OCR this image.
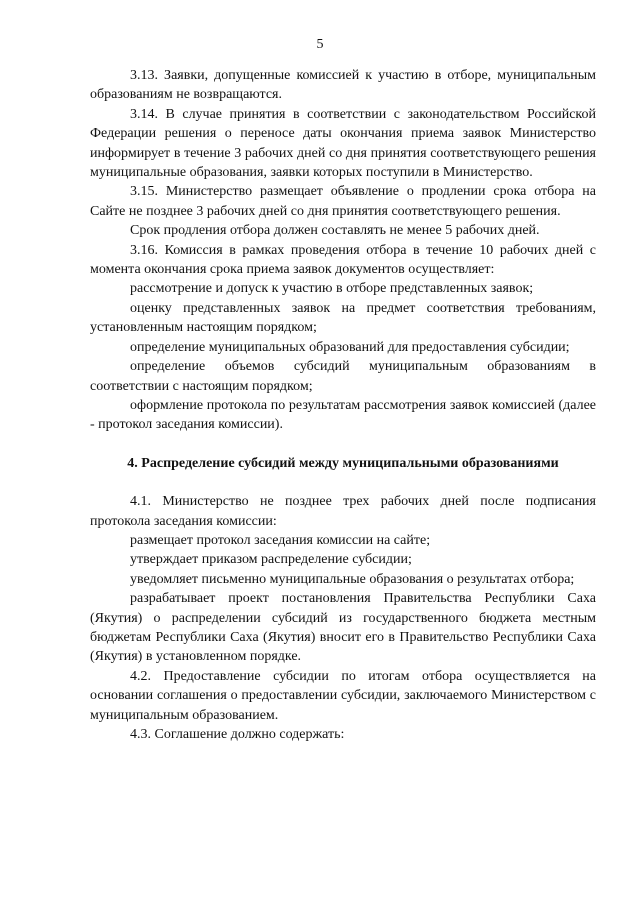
5

3.13. Заявки, допущенные комиссией к участию в отборе, муниципальным образованиям не возвращаются.

3.14. В случае принятия в соответствии с законодательством Российской Федерации решения о переносе даты окончания приема заявок Министерство информирует в течение 3 рабочих дней со дня принятия соответствующего решения муниципальные образования, заявки которых поступили в Министерство.

3.15. Министерство размещает объявление о продлении срока отбора на Сайте не позднее 3 рабочих дней со дня принятия соответствующего решения.

Срок продления отбора должен составлять не менее 5 рабочих дней.

3.16. Комиссия в рамках проведения отбора в течение 10 рабочих дней с момента окончания срока приема заявок документов осуществляет:

рассмотрение и допуск к участию в отборе представленных заявок;

оценку представленных заявок на предмет соответствия требованиям, установленным настоящим порядком;

определение муниципальных образований для предоставления субсидии;

определение объемов субсидий муниципальным образованиям в соответствии с настоящим порядком;

оформление протокола по результатам рассмотрения заявок комиссией (далее - протокол заседания комиссии).

4. Распределение субсидий между муниципальными образованиями

4.1. Министерство не позднее трех рабочих дней после подписания протокола заседания комиссии:

размещает протокол заседания комиссии на сайте;

утверждает приказом распределение субсидии;

уведомляет письменно муниципальные образования о результатах отбора;

разрабатывает проект постановления Правительства Республики Саха (Якутия) о распределении субсидий из государственного бюджета местным бюджетам Республики Саха (Якутия) вносит его в Правительство Республики Саха (Якутия) в установленном порядке.

4.2. Предоставление субсидии по итогам отбора осуществляется на основании соглашения о предоставлении субсидии, заключаемого Министерством с муниципальным образованием.

4.3. Соглашение должно содержать:
